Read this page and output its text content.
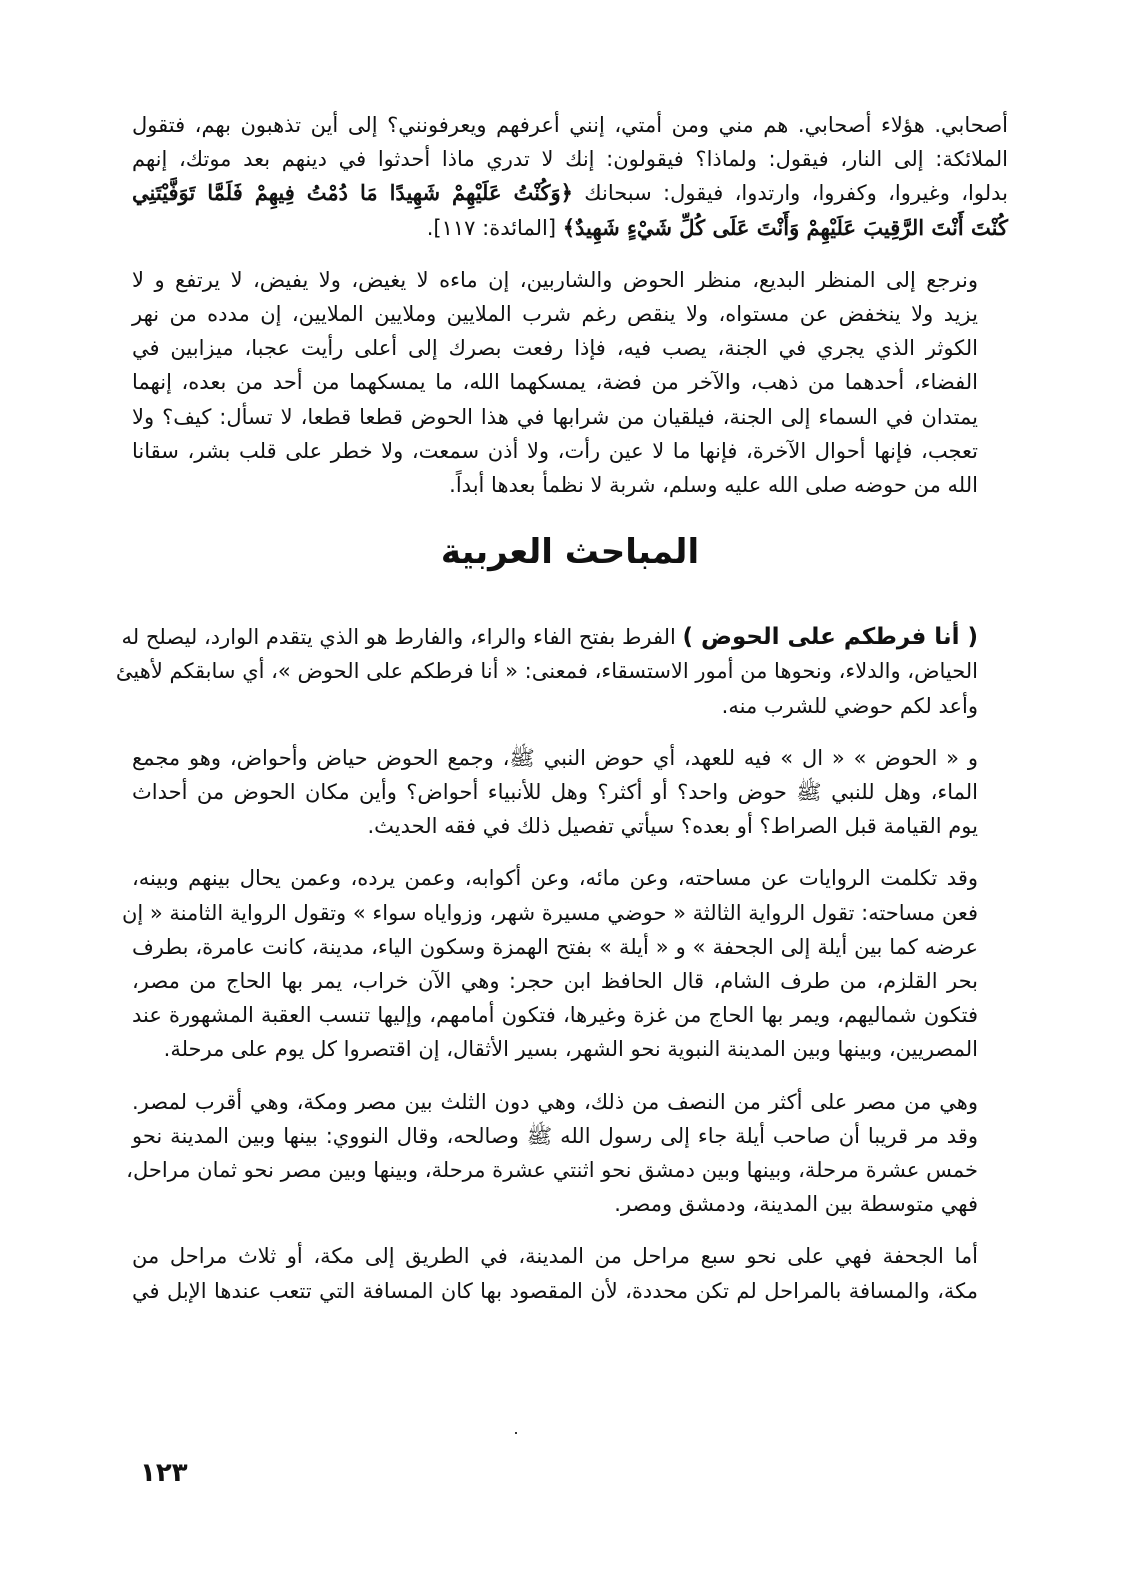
أصحابي. هؤلاء أصحابي. هم مني ومن أمتي، إنني أعرفهم ويعرفونني؟ إلى أين تذهبون بهم، فتقول
الملائكة: إلى النار، فيقول: ولماذا؟ فيقولون: إنك لا تدري ماذا أحدثوا في دينهم بعد موتك، إنهم
بدلوا، وغيروا، وكفروا، وارتدوا، فيقول: سبحانك ﴿وَكُنْتُ عَلَيْهِمْ شَهِيدًا مَا دُمْتُ فِيهِمْ فَلَمَّا تَوَفَّيْتَنِي
كُنْتَ أَنْتَ الرَّقِيبَ عَلَيْهِمْ وَأَنْتَ عَلَى كُلِّ شَيْءٍ شَهِيدٌ﴾ [المائدة: ١١٧].

ونرجع إلى المنظر البديع، منظر الحوض والشاربين، إن ماءه لا يغيض، ولا يفيض، لا يرتفع و لا
يزيد ولا ينخفض عن مستواه، ولا ينقص رغم شرب الملايين وملايين الملايين، إن مدده من نهر
الكوثر الذي يجري في الجنة، يصب فيه، فإذا رفعت بصرك إلى أعلى رأيت عجبا، ميزابين في
الفضاء، أحدهما من ذهب، والآخر من فضة، يمسكهما الله، ما يمسكهما من أحد من بعده، إنهما
يمتدان في السماء إلى الجنة، فيلقيان من شرابها في هذا الحوض قطعا قطعا، لا تسأل: كيف؟ ولا
تعجب، فإنها أحوال الآخرة، فإنها ما لا عين رأت، ولا أذن سمعت، ولا خطر على قلب بشر، سقانا
الله من حوضه صلى الله عليه وسلم، شربة لا نظمأ بعدها أبداً.

المباحث العربية

( أنا فرطكم على الحوض ) الفرط بفتح الفاء والراء، والفارط هو الذي يتقدم الوارد، ليصلح له
الحياض، والدلاء، ونحوها من أمور الاستسقاء، فمعنى: « أنا فرطكم على الحوض »، أي سابقكم لأهيئ
وأعد لكم حوضي للشرب منه.

و « الحوض » « ال » فيه للعهد، أي حوض النبي ﷺ، وجمع الحوض حياض وأحواض، وهو مجمع
الماء، وهل للنبي ﷺ حوض واحد؟ أو أكثر؟ وهل للأنبياء أحواض؟ وأين مكان الحوض من أحداث
يوم القيامة قبل الصراط؟ أو بعده؟ سيأتي تفصيل ذلك في فقه الحديث.

وقد تكلمت الروايات عن مساحته، وعن مائه، وعن أكوابه، وعمن يرده، وعمن يحال بينهم وبينه،
فعن مساحته: تقول الرواية الثالثة « حوضي مسيرة شهر، وزواياه سواء » وتقول الرواية الثامنة « إن
عرضه كما بين أيلة إلى الجحفة » و « أيلة » بفتح الهمزة وسكون الياء، مدينة، كانت عامرة، بطرف
بحر القلزم، من طرف الشام، قال الحافظ ابن حجر: وهي الآن خراب، يمر بها الحاج من مصر،
فتكون شماليهم، ويمر بها الحاج من غزة وغيرها، فتكون أمامهم، وإليها تنسب العقبة المشهورة عند
المصريين، وبينها وبين المدينة النبوية نحو الشهر، بسير الأثقال، إن اقتصروا كل يوم على مرحلة.

وهي من مصر على أكثر من النصف من ذلك، وهي دون الثلث بين مصر ومكة، وهي أقرب لمصر.
وقد مر قريبا أن صاحب أيلة جاء إلى رسول الله ﷺ وصالحه، وقال النووي: بينها وبين المدينة نحو
خمس عشرة مرحلة، وبينها وبين دمشق نحو اثنتي عشرة مرحلة، وبينها وبين مصر نحو ثمان مراحل،
فهي متوسطة بين المدينة، ودمشق ومصر.

أما الجحفة فهي على نحو سبع مراحل من المدينة، في الطريق إلى مكة، أو ثلاث مراحل من
مكة، والمسافة بالمراحل لم تكن محددة، لأن المقصود بها كان المسافة التي تتعب عندها الإبل في

١٢٣
